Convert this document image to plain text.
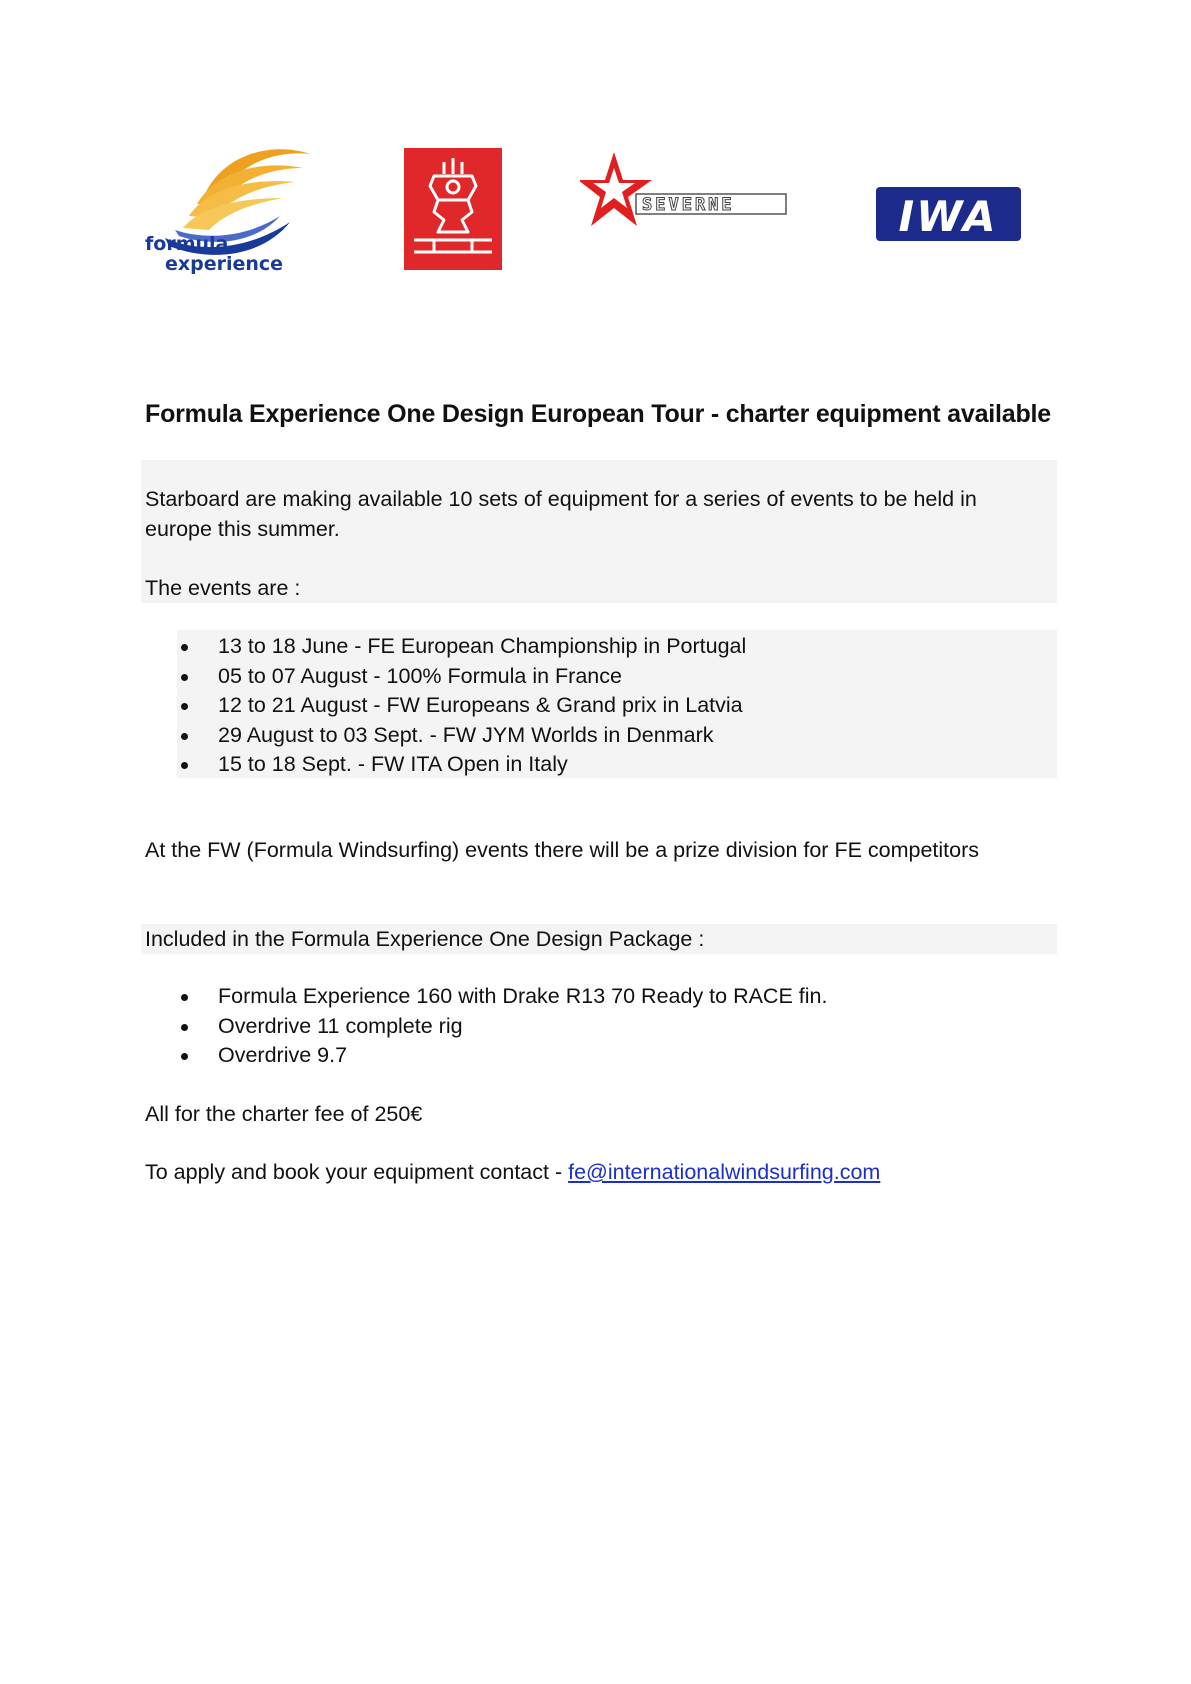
formula
experience
SEVERNE	IWA
Formula Experience One Design European Tour - charter equipment available

Starboard are making available 10 sets of equipment for a series of events to be held in europe this summer.

The events are :

13 to 18 June - FE European Championship in Portugal
05 to 07 August - 100% Formula in France
12 to 21 August - FW Europeans & Grand prix in Latvia
29 August to 03 Sept. - FW JYM Worlds in Denmark
15 to 18 Sept. - FW ITA Open in Italy

At the FW (Formula Windsurfing) events there will be a prize division for FE competitors

Included in the Formula Experience One Design Package :

Formula Experience 160 with Drake R13 70 Ready to RACE fin.
Overdrive 11 complete rig
Overdrive 9.7

All for the charter fee of 250€

To apply and book your equipment contact - fe@internationalwindsurfing.com
